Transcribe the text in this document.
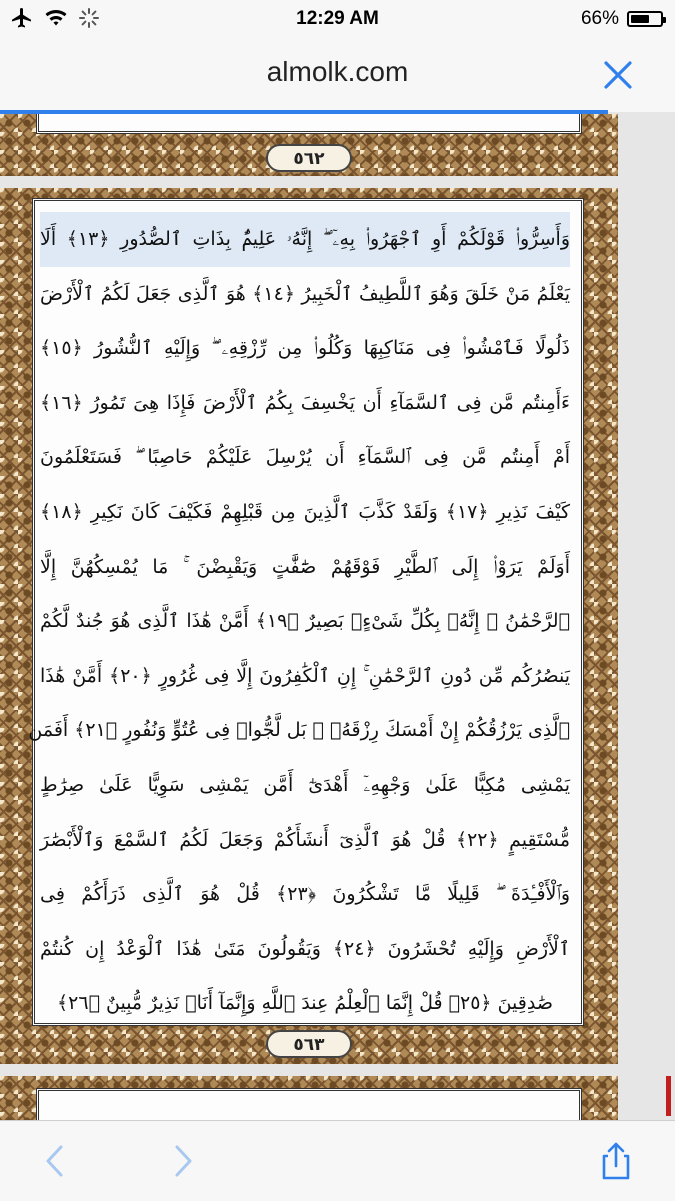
12:29 AM	66%
almolk.com
٥٦٢
٥٦٣
وَأَسِرُّوا۟ قَوْلَكُمْ أَوِ ٱجْهَرُوا۟ بِهِۦٓ ۖ إِنَّهُۥ عَلِيمٌۢ بِذَاتِ ٱلصُّدُورِ ﴿١٣﴾ أَلَا
يَعْلَمُ مَنْ خَلَقَ وَهُوَ ٱللَّطِيفُ ٱلْخَبِيرُ ﴿١٤﴾ هُوَ ٱلَّذِى جَعَلَ لَكُمُ ٱلْأَرْضَ
ذَلُولًا فَٱمْشُوا۟ فِى مَنَاكِبِهَا وَكُلُوا۟ مِن رِّزْقِهِۦ ۖ وَإِلَيْهِ ٱلنُّشُورُ ﴿١٥﴾
ءَأَمِنتُم مَّن فِى ٱلسَّمَآءِ أَن يَخْسِفَ بِكُمُ ٱلْأَرْضَ فَإِذَا هِىَ تَمُورُ ﴿١٦﴾
أَمْ أَمِنتُم مَّن فِى ٱلسَّمَآءِ أَن يُرْسِلَ عَلَيْكُمْ حَاصِبًا ۖ فَسَتَعْلَمُونَ
كَيْفَ نَذِيرِ ﴿١٧﴾ وَلَقَدْ كَذَّبَ ٱلَّذِينَ مِن قَبْلِهِمْ فَكَيْفَ كَانَ نَكِيرِ ﴿١٨﴾
أَوَلَمْ يَرَوْا۟ إِلَى ٱلطَّيْرِ فَوْقَهُمْ صَٰٓفَّٰتٍ وَيَقْبِضْنَ ۚ مَا يُمْسِكُهُنَّ إِلَّا
ٱلرَّحْمَٰنُ ۚ إِنَّهُۥ بِكُلِّ شَىْءٍۭ بَصِيرٌ ﴿١٩﴾ أَمَّنْ هَٰذَا ٱلَّذِى هُوَ جُندٌ لَّكُمْ
يَنصُرُكُم مِّن دُونِ ٱلرَّحْمَٰنِ ۚ إِنِ ٱلْكَٰفِرُونَ إِلَّا فِى غُرُورٍ ﴿٢٠﴾ أَمَّنْ هَٰذَا
ٱلَّذِى يَرْزُقُكُمْ إِنْ أَمْسَكَ رِزْقَهُۥ ۚ بَل لَّجُّوا۟ فِى عُتُوٍّ وَنُفُورٍ ﴿٢١﴾ أَفَمَن
يَمْشِى مُكِبًّا عَلَىٰ وَجْهِهِۦٓ أَهْدَىٰٓ أَمَّن يَمْشِى سَوِيًّا عَلَىٰ صِرَٰطٍ
مُّسْتَقِيمٍ ﴿٢٢﴾ قُلْ هُوَ ٱلَّذِىٓ أَنشَأَكُمْ وَجَعَلَ لَكُمُ ٱلسَّمْعَ وَٱلْأَبْصَٰرَ
وَٱلْأَفْـِٔدَةَ ۖ قَلِيلًا مَّا تَشْكُرُونَ ﴿٢٣﴾ قُلْ هُوَ ٱلَّذِى ذَرَأَكُمْ فِى
ٱلْأَرْضِ وَإِلَيْهِ تُحْشَرُونَ ﴿٢٤﴾ وَيَقُولُونَ مَتَىٰ هَٰذَا ٱلْوَعْدُ إِن كُنتُمْ
صَٰدِقِينَ ﴿٢٥﴾ قُلْ إِنَّمَا ٱلْعِلْمُ عِندَ ٱللَّهِ وَإِنَّمَآ أَنَا۠ نَذِيرٌ مُّبِينٌ ﴿٢٦﴾
